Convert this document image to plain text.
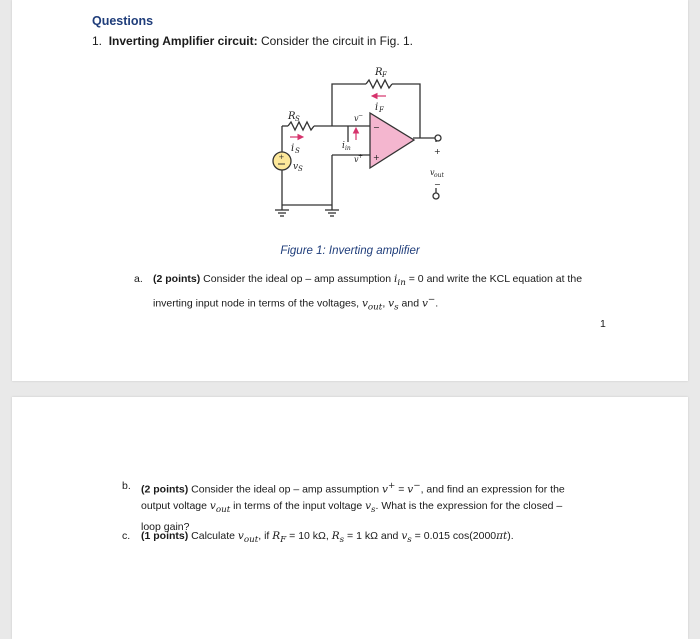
Questions
1. Inverting Amplifier circuit: Consider the circuit in Fig. 1.
+
R F
i F
R S
i S
v S
i in
v −
v +
v out
−
+
+
−
Figure 1: Inverting amplifier
a. (2 points) Consider the ideal op – amp assumption $i_{in} = 0$ and write the KCL equation at the
inverting input node in terms of the voltages, $v_{out}$, $v_s$ and v−.
1
b. (2 points) Consider the ideal op – amp assumption v+ = v−, and find an expression for the
output voltage $v_{out}$ in terms of the input voltage $v_s$. What is the expression for the closed –
loop gain?
c. (1 points) Calculate $v_{out}$, if $R_F = 10$ kΩ, $R_s = 1$ kΩ and $v_s = 0.015$ cos(2000πt).
